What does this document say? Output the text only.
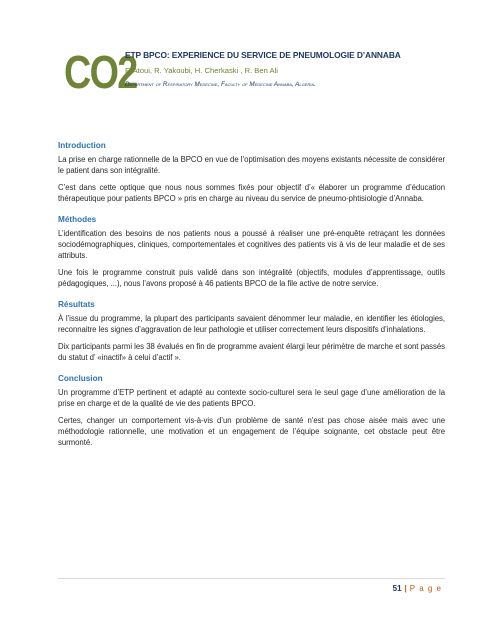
CO2
ETP BPCO: EXPERIENCE DU SERVICE DE PNEUMOLOGIE D’ANNABA
F. Atoui, R. Yakoubi, H. Cherkaski , R. Ben Ali
Department of Respiratory Medecine, Faculty of Médecine Annaba, Algeria.
Introduction

La prise en charge rationnelle de la BPCO en vue de l’optimisation des moyens existants nécessite de considérer le patient dans son intégralité.

C’est dans cette optique que nous nous sommes fixés pour objectif d’« élaborer un programme d’éducation thérapeutique pour patients BPCO » pris en charge au niveau du service de pneumo-phtisiologie d’Annaba.

Méthodes

L’identification des besoins de nos patients nous a poussé à réaliser une pré-enquête retraçant les données sociodémographiques, cliniques, comportementales et cognitives des patients vis à vis de leur maladie et de ses attributs.

Une fois le programme construit puis validé dans son intégralité (objectifs, modules d’apprentissage, outils pédagogiques, ...), nous l’avons proposé à 46 patients BPCO de la file active de notre service.

Résultats

À l’issue du programme, la plupart des participants savaient dénommer leur maladie, en identifier les étiologies, reconnaitre les signes d’aggravation de leur pathologie et utiliser correctement leurs dispositifs d’inhalations.

Dix participants parmi les 38 évalués en fin de programme avaient élargi leur périmètre de marche et sont passés du statut d’ «inactif» à celui d’actif ».

Conclusion

Un programme d’ETP pertinent et adapté au contexte socio-culturel sera le seul gage d’une amélioration de la prise en charge et de la qualité de vie des patients BPCO.

Certes, changer un comportement vis-à-vis d’un problème de santé n’est pas chose aisée mais avec une méthodologie rationnelle, une motivation et un engagement de l’équipe soignante, cet obstacle peut être surmonté.

51 | P a g e
